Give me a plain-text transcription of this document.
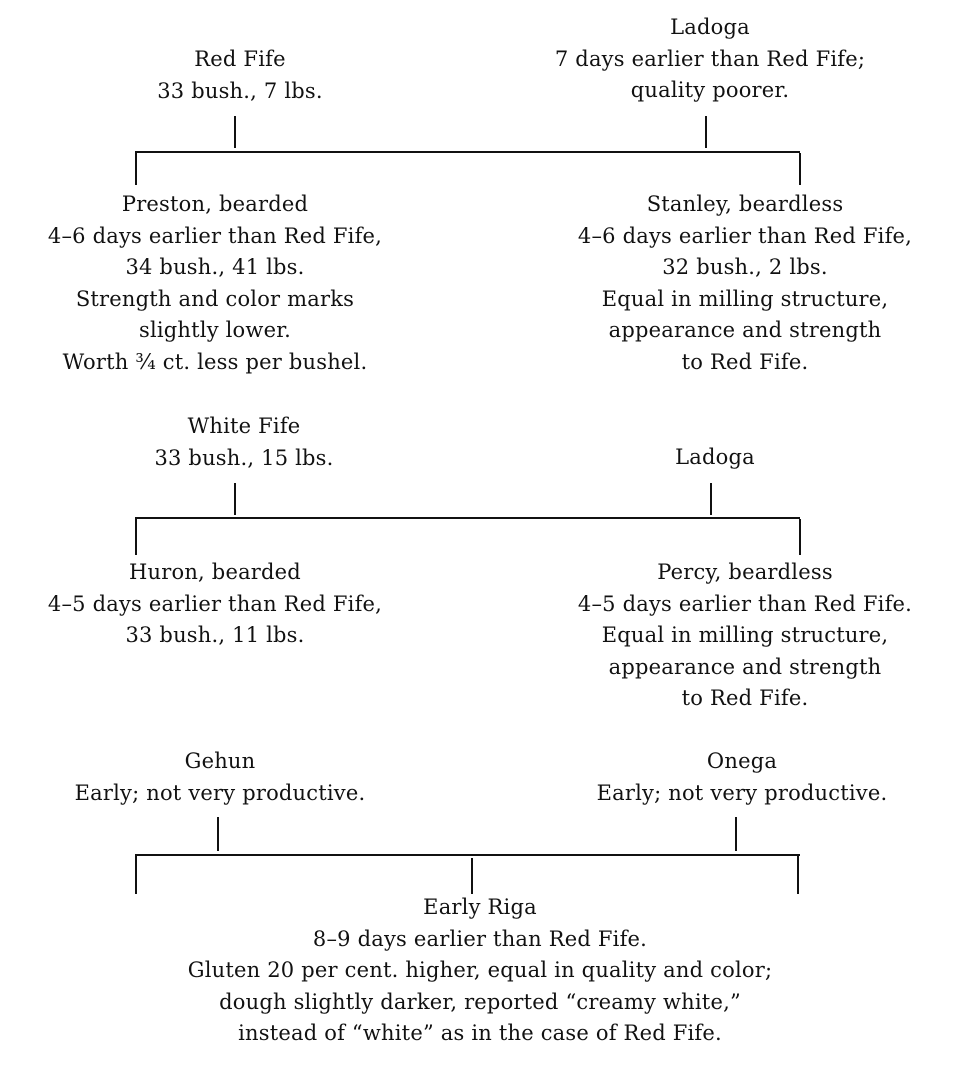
Red Fife
33 bush., 7 lbs.
Ladoga
7 days earlier than Red Fife;
quality poorer.
Preston, bearded
4–6 days earlier than Red Fife,
34 bush., 41 lbs.
Strength and color marks
slightly lower.
Worth ¾ ct. less per bushel.
Stanley, beardless
4–6 days earlier than Red Fife,
32 bush., 2 lbs.
Equal in milling structure,
appearance and strength
to Red Fife.
White Fife
33 bush., 15 lbs.	Ladoga
Huron, bearded
4–5 days earlier than Red Fife,
33 bush., 11 lbs.
Percy, beardless
4–5 days earlier than Red Fife.
Equal in milling structure,
appearance and strength
to Red Fife.
Gehun
Early; not very productive.
Onega
Early; not very productive.
Early Riga
8–9 days earlier than Red Fife.
Gluten 20 per cent. higher, equal in quality and color;
dough slightly darker, reported “creamy white,”
instead of “white” as in the case of Red Fife.
